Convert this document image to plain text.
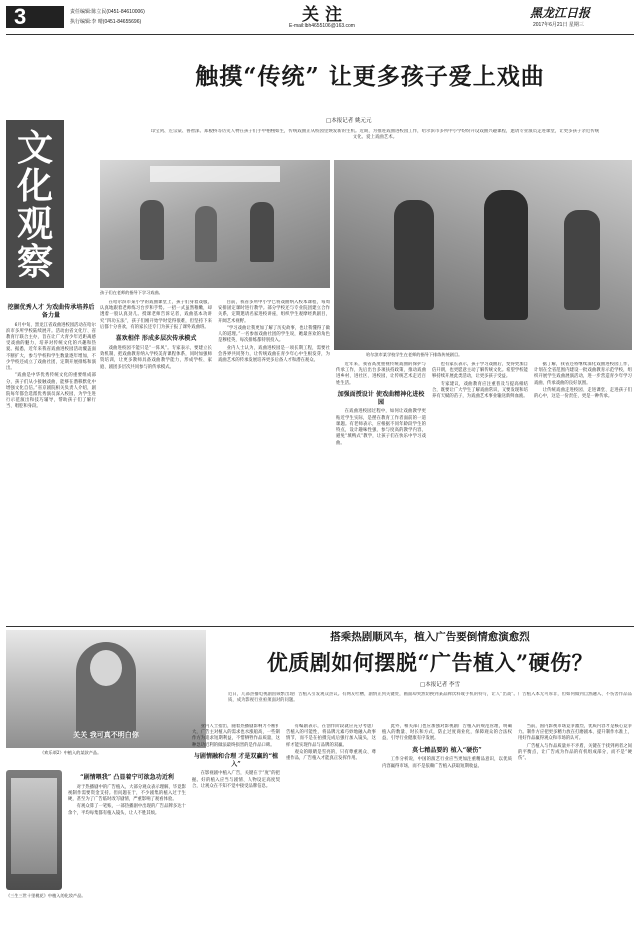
3	责任编辑:陈立民(0451-84610006)
执行编辑:李 晴(0451-84655696)	关 注
E-mail:lbh4655106@163.com
黑龙江日报
2017年6月21日 星期三
文化观察
触摸“传统” 让更多孩子爱上戏曲
□本报记者 姚元元
印宝剑、左宗棠、鲁智深、郑板桥等历史人物在孩子们手中栩栩如生，传统戏曲正从校园里焕发新的生机。近期，为推进戏曲进校园工作，哈尔滨市多所中小学纷纷开设戏曲兴趣课程，邀请专业演员走进课堂，让更多孩子亲近传统文化、爱上戏曲艺术。
孩子们在老师的指导下学习戏曲。
哈尔滨市某学校学生在老师的指导下排练传统剧目。
挖掘优秀人才 为戏曲传承培养后备力量

6月中旬，黑龙江省戏曲进校园活动在哈尔滨市多所学校陆续展开。活动由省文化厅、省教育厅联合主办，旨在让广大青少年近距离感受戏曲的魅力，培养对传统文化的兴趣和热爱。据悉，近年来我省戏曲进校园活动覆盖面不断扩大，参与学校和学生数量逐年增加，不少学校还成立了戏曲社团，定期开展排练和演出。

“戏曲是中华优秀传统文化的重要组成部分，孩子们从小接触戏曲，能够在潜移默化中增强文化自信。”省京剧院相关负责人介绍，剧院每年都会选派优秀演员深入校园，为学生进行示范演出和技巧辅导，帮助孩子们了解行当、唱腔和身段。

在哈尔滨市某小学的戏曲课堂上，孩子们身着戏服，认真地跟着老师练习台步和手势。一招一式虽然稚嫩，却透着一股认真劲儿。授课老师告诉记者，戏曲基本功讲究“四功五法”，孩子们刚开始学时觉得很难，但坚持下来后都十分喜欢，有的家长还专门为孩子报了课外戏曲班。

喜欢相伴 形成多层次传承模式

戏曲进校园不能只是“一阵风”。专家表示，要建立长效机制，把戏曲教育纳入学校美育课程体系，同时加强师资培训，让更多教师具备戏曲教学能力，形成学校、家庭、剧团多层次共同参与的传承模式。

目前，我省多所中小学已将戏曲纳入校本课程，每周安排固定课时进行教学。部分学校还与专业院团建立合作关系，定期邀请名家进校讲座，组织学生观摩经典剧目，开阔艺术视野。

“学习戏曲让我更加了解了历史故事，也让我懂得了做人的道理。”一名参加戏曲社团的学生说，她最喜欢的角色是穆桂英，每次排练都特别投入。

业内人士认为，戏曲进校园是一项长期工程，需要社会各界共同努力，让传统戏曲在青少年心中生根发芽，为戏曲艺术的传承发展培养更多后备人才和潜在观众。

近年来，我省高度重视传统戏曲的保护与传承工作，先后出台多项扶持政策，推动戏曲进乡村、进社区、进校园，让传统艺术走近百姓生活。

加强面授设计 使戏曲精神化进校园

在戏曲进校园过程中，如何让戏曲教学更贴近学生实际，是摆在教育工作者面前的一道课题。有老师表示，应根据不同年龄段学生的特点，设计趣味性强、参与度高的教学内容，避免“填鸭式”教学，让孩子们在快乐中学习戏曲。

也有家长表示，孩子学习戏曲后，变得更加自信开朗，也更愿意主动了解传统文化。希望学校能够持续开展此类活动，让更多孩子受益。

专家建议，戏曲教育应注重普及与提高相结合，既要让广大学生了解戏曲常识，又要发现和培养有天赋的苗子，为戏曲艺术事业输送新鲜血液。

据了解，我省还将继续深化戏曲进校园工作，计划在全省范围内建设一批戏曲教育示范学校，组织开展学生戏曲展演活动，进一步营造青少年学习戏曲、传承戏曲的良好氛围。

让传统戏曲走进校园、走进课堂、走进孩子们的心中，这是一份责任，更是一种传承。

搭乘热剧顺风车，植入广告要倒情愈演愈烈
优质剧如何摆脱“广告植入”硬伤？
□本报记者 李雪
近日，几部热播电视剧因频繁出现广告植入引发观众热议。有网友吐槽，剧情正到关键处，画面却突然切换到某品牌饮料或手机的特写，让人“出戏”。广告植入本无可厚非，但如何做到自然融入、不伤害作品品质，成为影视行业亟须面对的问题。
关关 我可真不明白你
《欢乐颂2》中植入的某款产品。
《三生三世十里桃花》中植入的化妆产品。
“剧情喂我” 凸显着宁可欲急功近利

对于热播剧中的广告植入，大部分观众表示理解，毕竟影视制作需要资金支持。但问题在于，不少剧集的植入过于生硬，甚至为了广告临时改写剧情，严重影响了观看体验。

有观众算了一笔账，一部热播剧中出现的广告品牌多达十余个，平均每集都有植入镜头，让人不胜其烦。

业内人士指出，随着热播剧影响力不断扩大，广告主对植入的需求也水涨船高，一些制作方为追求短期利益，不惜牺牲作品质量，这种急功近利的做法最终损害的是作品口碑。

与剧情融和合理 才是双赢的“植入”

在影视剧中植入广告，关键在于“度”的把握。好的植入应当与剧情、人物设定高度契合，让观众在不知不觉中接受品牌信息。

有编剧表示，在创作阶段就应充分考虑广告植入的可能性，将品牌元素巧妙地融入故事情节，而不是在拍摄完成后强行加入镜头，这样才能实现作品与品牌的双赢。

观众的眼睛是雪亮的，只有尊重观众、尊重作品，广告植入才能真正发挥作用。

此外，相关部门也应加强对影视剧广告植入的规范管理，明确植入的数量、时长和方式，防止过度商业化，保障观众的合法权益，引导行业健康有序发展。

莫七精品要的 植入“硬伤”

工作分析说，中国的演艺行业应当更加注重精品意识，以优质内容赢得市场，而不是依赖广告植入获取短期收益。

当前，国内影视市场竞争激烈，优质内容才是核心竞争力。制作方应把更多精力放在打磨剧本、提升制作水准上，用好作品赢得观众和市场的认可。

广告植入与作品质量并不矛盾，关键在于找到两者之间的平衡点，让广告成为作品的有机组成部分，而不是“硬伤”。
